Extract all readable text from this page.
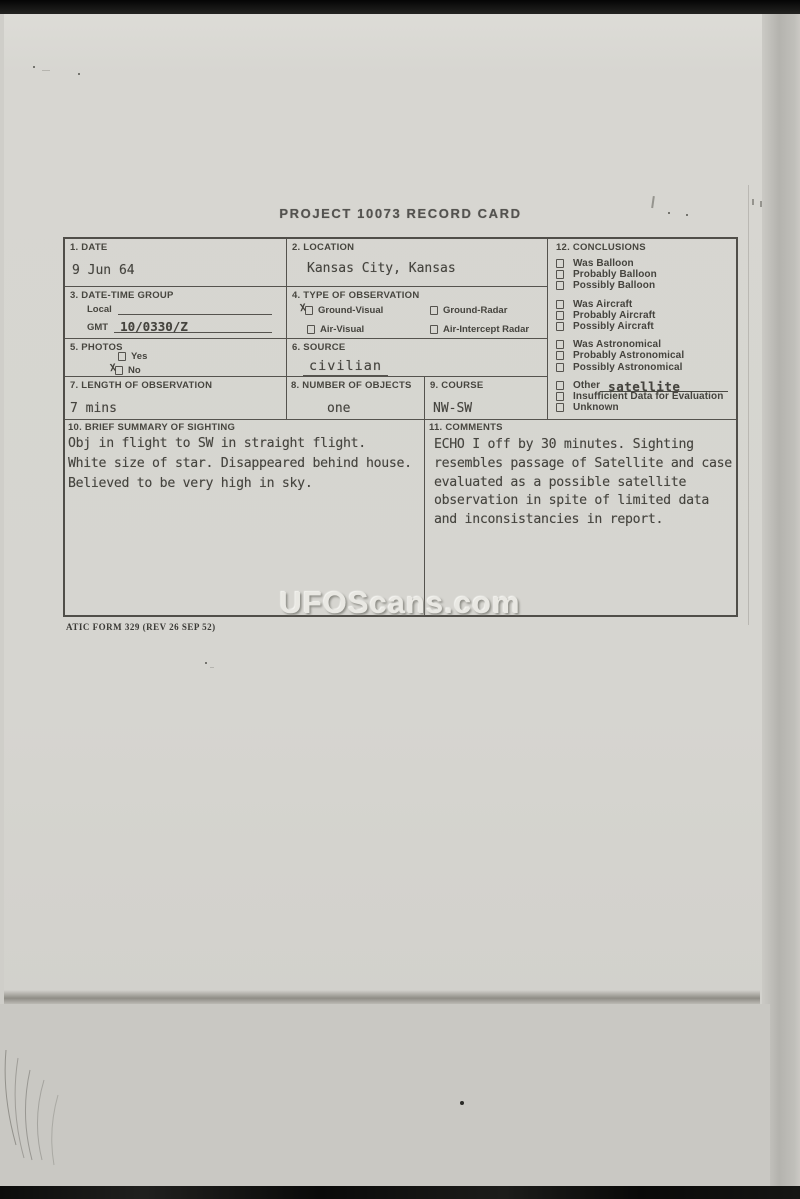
PROJECT 10073 RECORD CARD
1. DATE
9 Jun 64
2. LOCATION
Kansas City, Kansas
12. CONCLUSIONS
Was Balloon
Probably Balloon
Possibly Balloon
Was Aircraft
Probably Aircraft
Possibly Aircraft
Was Astronomical
Probably Astronomical
Possibly Astronomical
Other satellite
Insufficient Data for Evaluation
Unknown
3. DATE-TIME GROUP
Local
GMT 10/0330/Z
4. TYPE OF OBSERVATION
X
Ground-Visual	Ground-Radar
Air-Visual	Air-Intercept Radar
5. PHOTOS
Yes
X
No
6. SOURCE
civilian
7. LENGTH OF OBSERVATION
7 mins
8. NUMBER OF OBJECTS
one
9. COURSE
NW-SW
10. BRIEF SUMMARY OF SIGHTING
Obj in flight to SW in straight flight.
White size of star. Disappeared behind house.
Believed to be very high in sky.
11. COMMENTS
ECHO I off by 30 minutes. Sighting
resembles passage of Satellite and case
evaluated as a possible satellite
observation in spite of limited data
and inconsistancies in report.
UFOScans.com
ATIC FORM 329 (REV 26 SEP 52)
